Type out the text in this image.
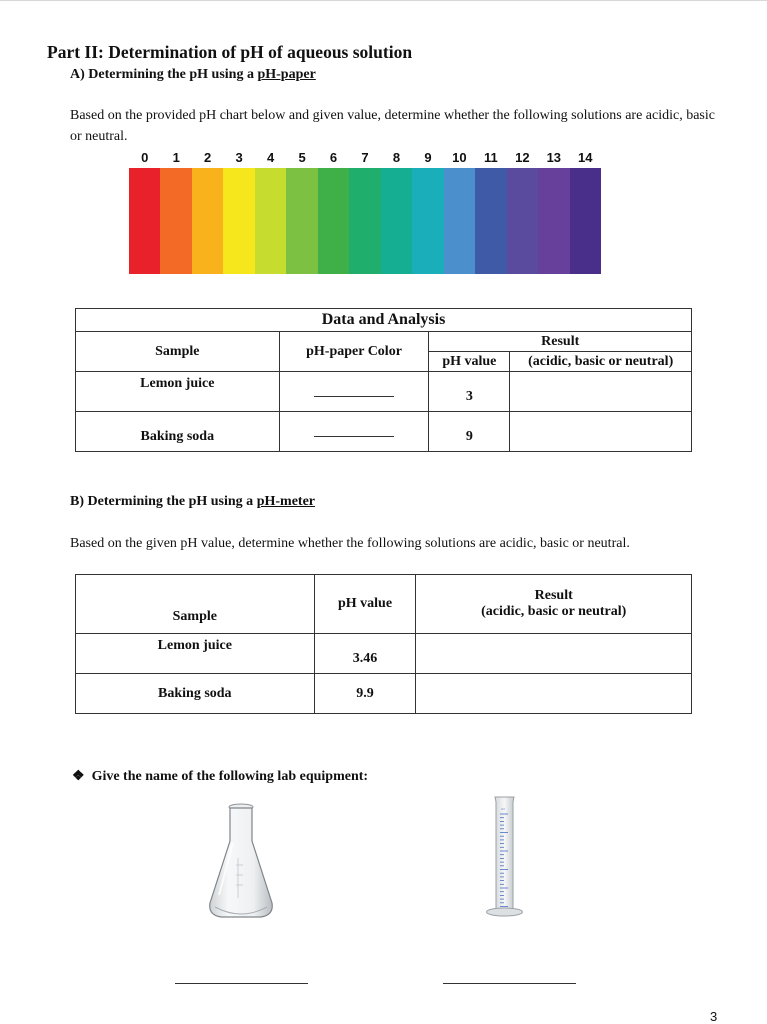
Part II: Determination of pH of aqueous solution
A) Determining the pH using a pH-paper
Based on the provided pH chart below and given value, determine whether the following solutions are acidic, basic or neutral.
0	1	2	3	4	5	6	7	8	9	10	11	12	13	14
Data and Analysis			
Sample	pH-paper Color	Result	
		pH value	(acidic, basic or neutral)
Lemon juice		3	
Baking soda		9	
B) Determining the pH using a pH-meter
Based on the given pH value, determine whether the following solutions are acidic, basic or neutral.
Sample	pH value	Result
(acidic, basic or neutral)

Lemon juice	3.46	
Baking soda	9.9	
❖ Give the name of the following lab equipment:
ml
3
